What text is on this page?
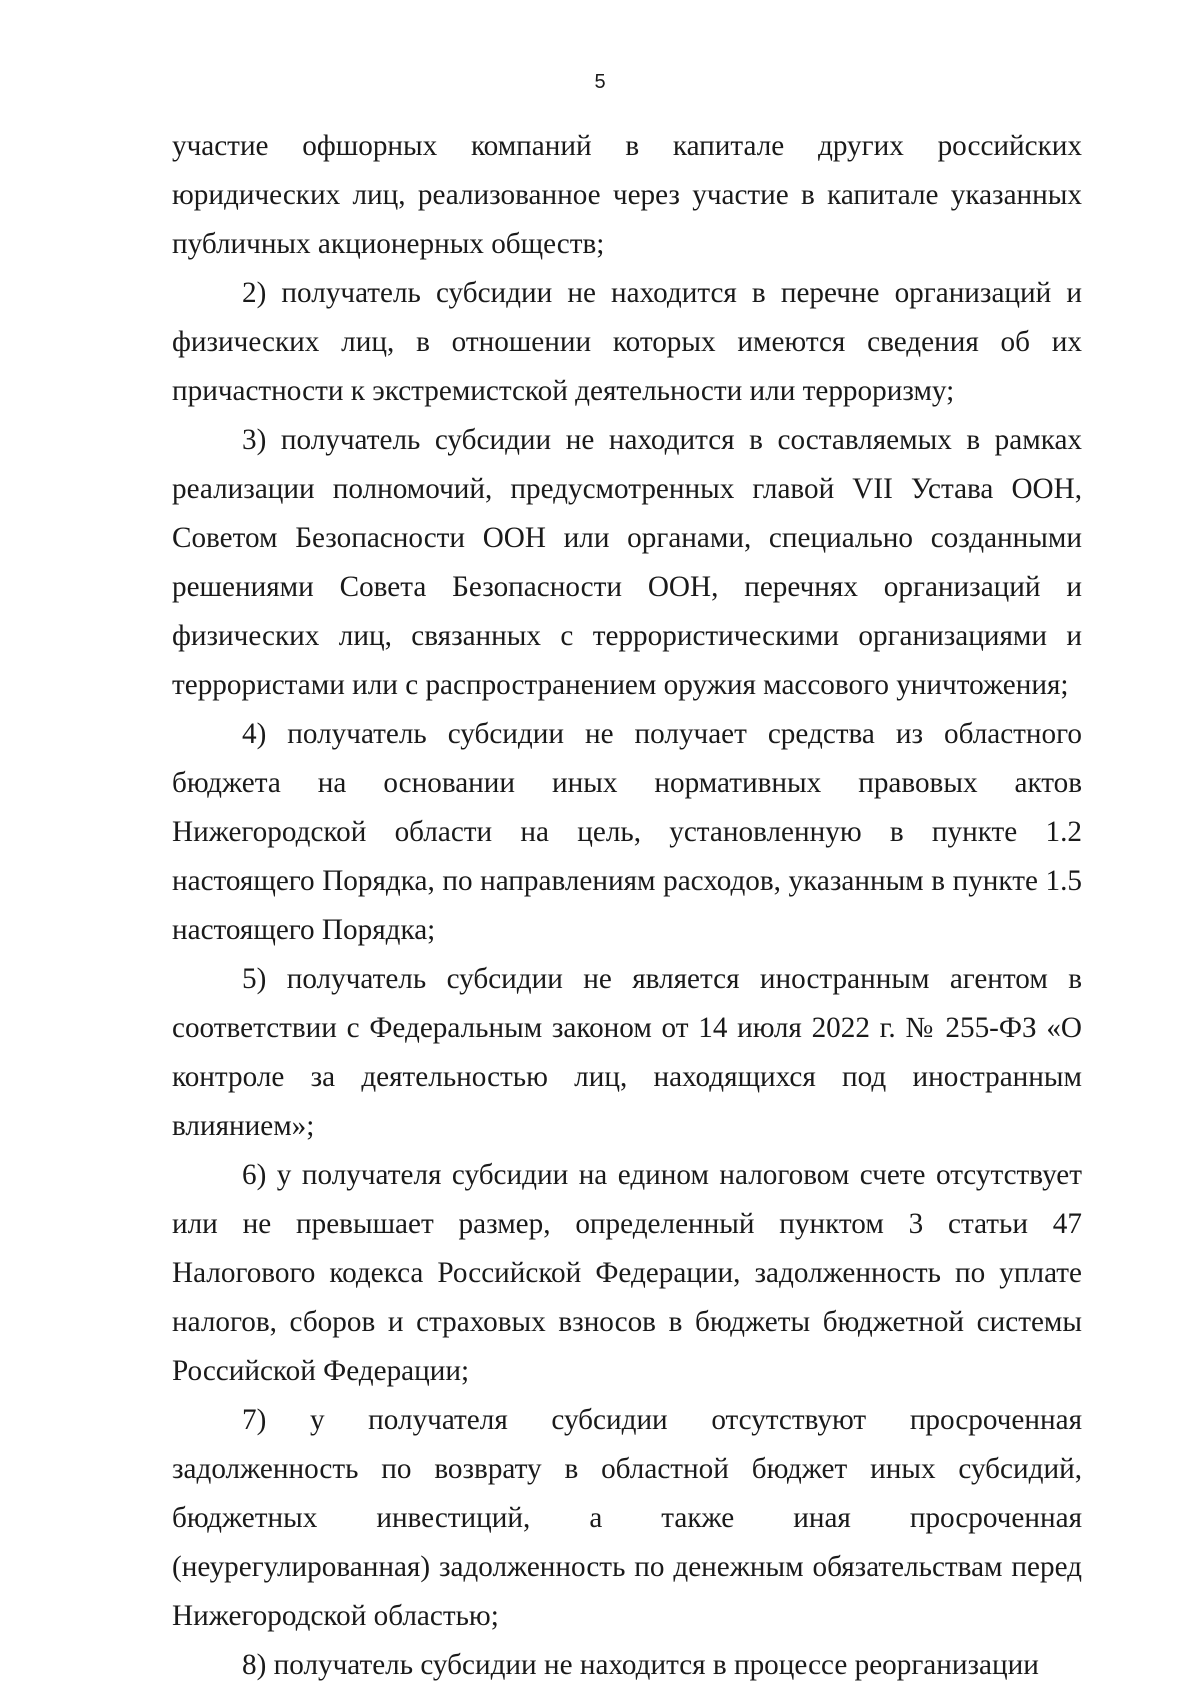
5

участие офшорных компаний в капитале других российских юридических лиц, реализованное через участие в капитале указанных публичных акционерных обществ;

2) получатель субсидии не находится в перечне организаций и физических лиц, в отношении которых имеются сведения об их причастности к экстремистской деятельности или терроризму;

3) получатель субсидии не находится в составляемых в рамках реализации полномочий, предусмотренных главой VII Устава ООН, Советом Безопасности ООН или органами, специально созданными решениями Совета Безопасности ООН, перечнях организаций и физических лиц, связанных с террористическими организациями и террористами или с распространением оружия массового уничтожения;

4) получатель субсидии не получает средства из областного бюджета на основании иных нормативных правовых актов Нижегородской области на цель, установленную в пункте 1.2 настоящего Порядка, по направлениям расходов, указанным в пункте 1.5 настоящего Порядка;

5) получатель субсидии не является иностранным агентом в соответствии с Федеральным законом от 14 июля 2022 г. № 255-ФЗ «О контроле за деятельностью лиц, находящихся под иностранным влиянием»;

6) у получателя субсидии на едином налоговом счете отсутствует или не превышает размер, определенный пунктом 3 статьи 47 Налогового кодекса Российской Федерации, задолженность по уплате налогов, сборов и страховых взносов в бюджеты бюджетной системы Российской Федерации;

7) у получателя субсидии отсутствуют просроченная задолженность по возврату в областной бюджет иных субсидий, бюджетных инвестиций, а также иная просроченная (неурегулированная) задолженность по денежным обязательствам перед Нижегородской областью;

8) получатель субсидии не находится в процессе реорганизации
